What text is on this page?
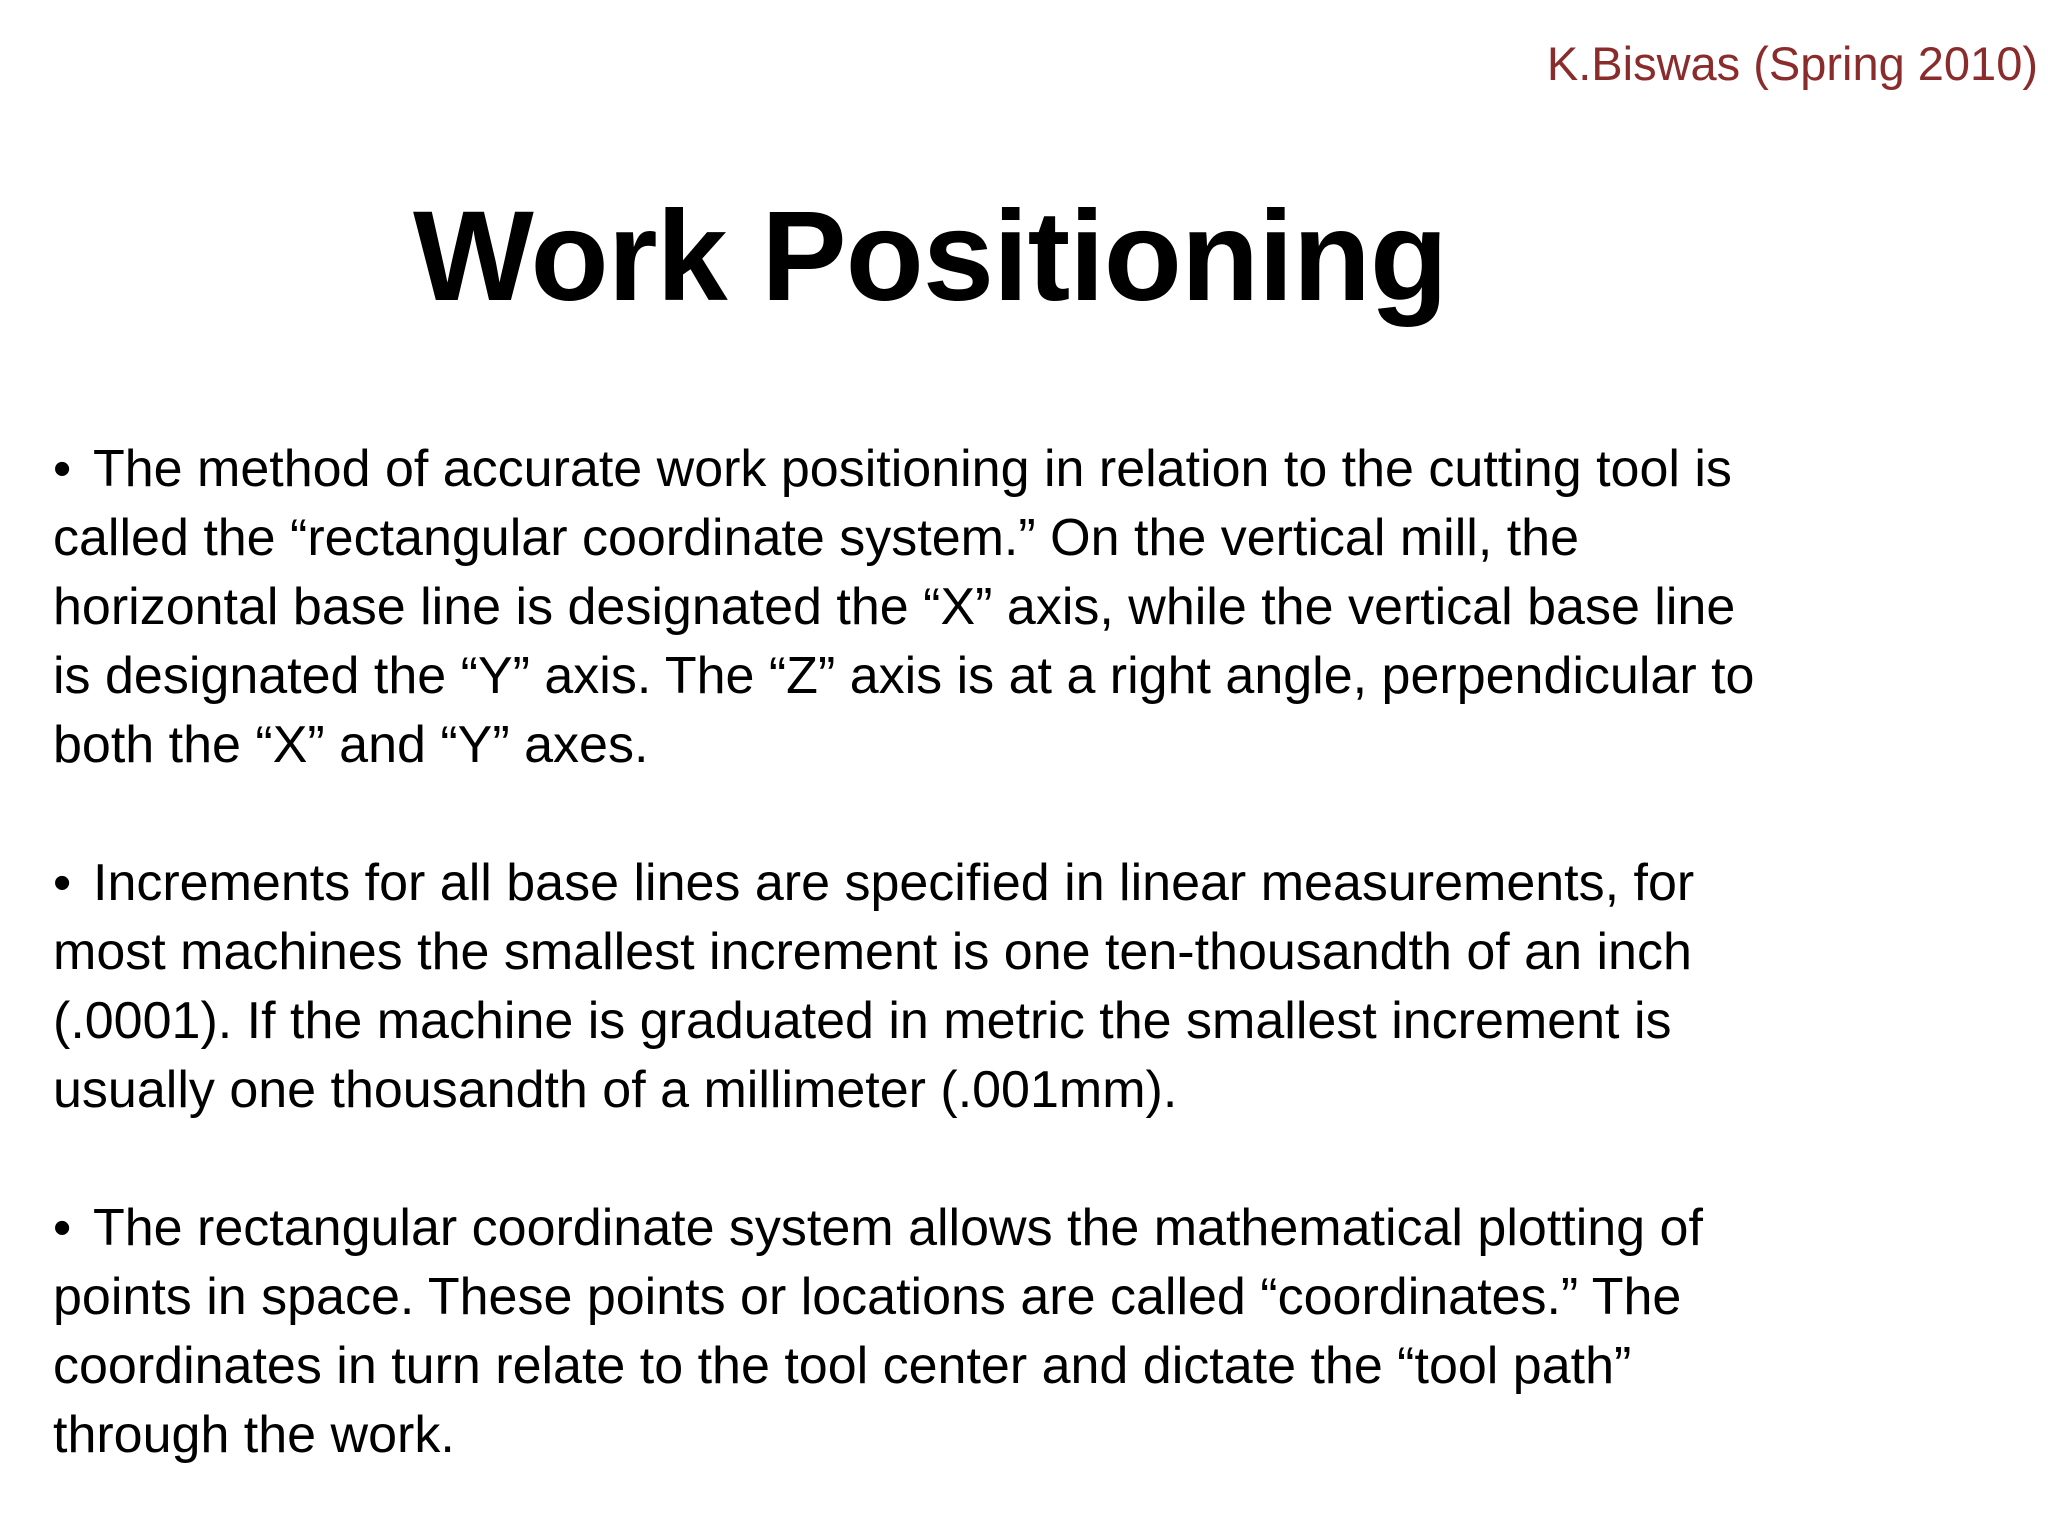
K.Biswas (Spring 2010)
Work Positioning

• The method of accurate work positioning in relation to the cutting tool is
called the “rectangular coordinate system.” On the vertical mill, the
horizontal base line is designated the “X” axis, while the vertical base line
is designated the “Y” axis. The “Z” axis is at a right angle, perpendicular to
both the “X” and “Y” axes.

• Increments for all base lines are specified in linear measurements, for
most machines the smallest increment is one ten-thousandth of an inch
(.0001). If the machine is graduated in metric the smallest increment is
usually one thousandth of a millimeter (.001mm).

• The rectangular coordinate system allows the mathematical plotting of
points in space. These points or locations are called “coordinates.” The
coordinates in turn relate to the tool center and dictate the “tool path”
through the work.
